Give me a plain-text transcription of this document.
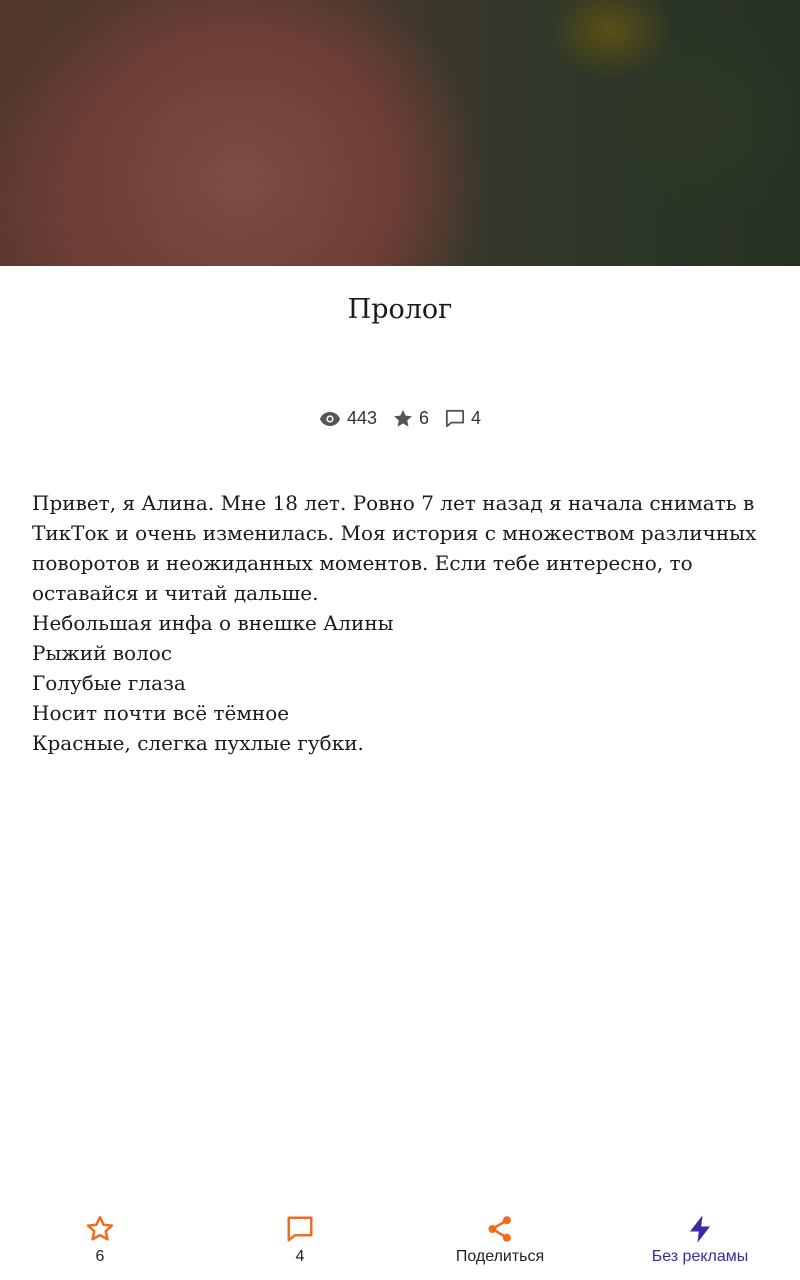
Пролог
443 6 4

Привет, я Алина. Мне 18 лет. Ровно 7 лет назад я начала снимать в ТикТок и очень изменилась. Моя история с множеством различных поворотов и неожиданных моментов. Если тебе интересно, то оставайся и читай дальше.

Небольшая инфа о внешке Алины

Рыжий волос

Голубые глаза

Носит почти всё тёмное

Красные, слегка пухлые губки.

6	4	Поделиться	Без рекламы
